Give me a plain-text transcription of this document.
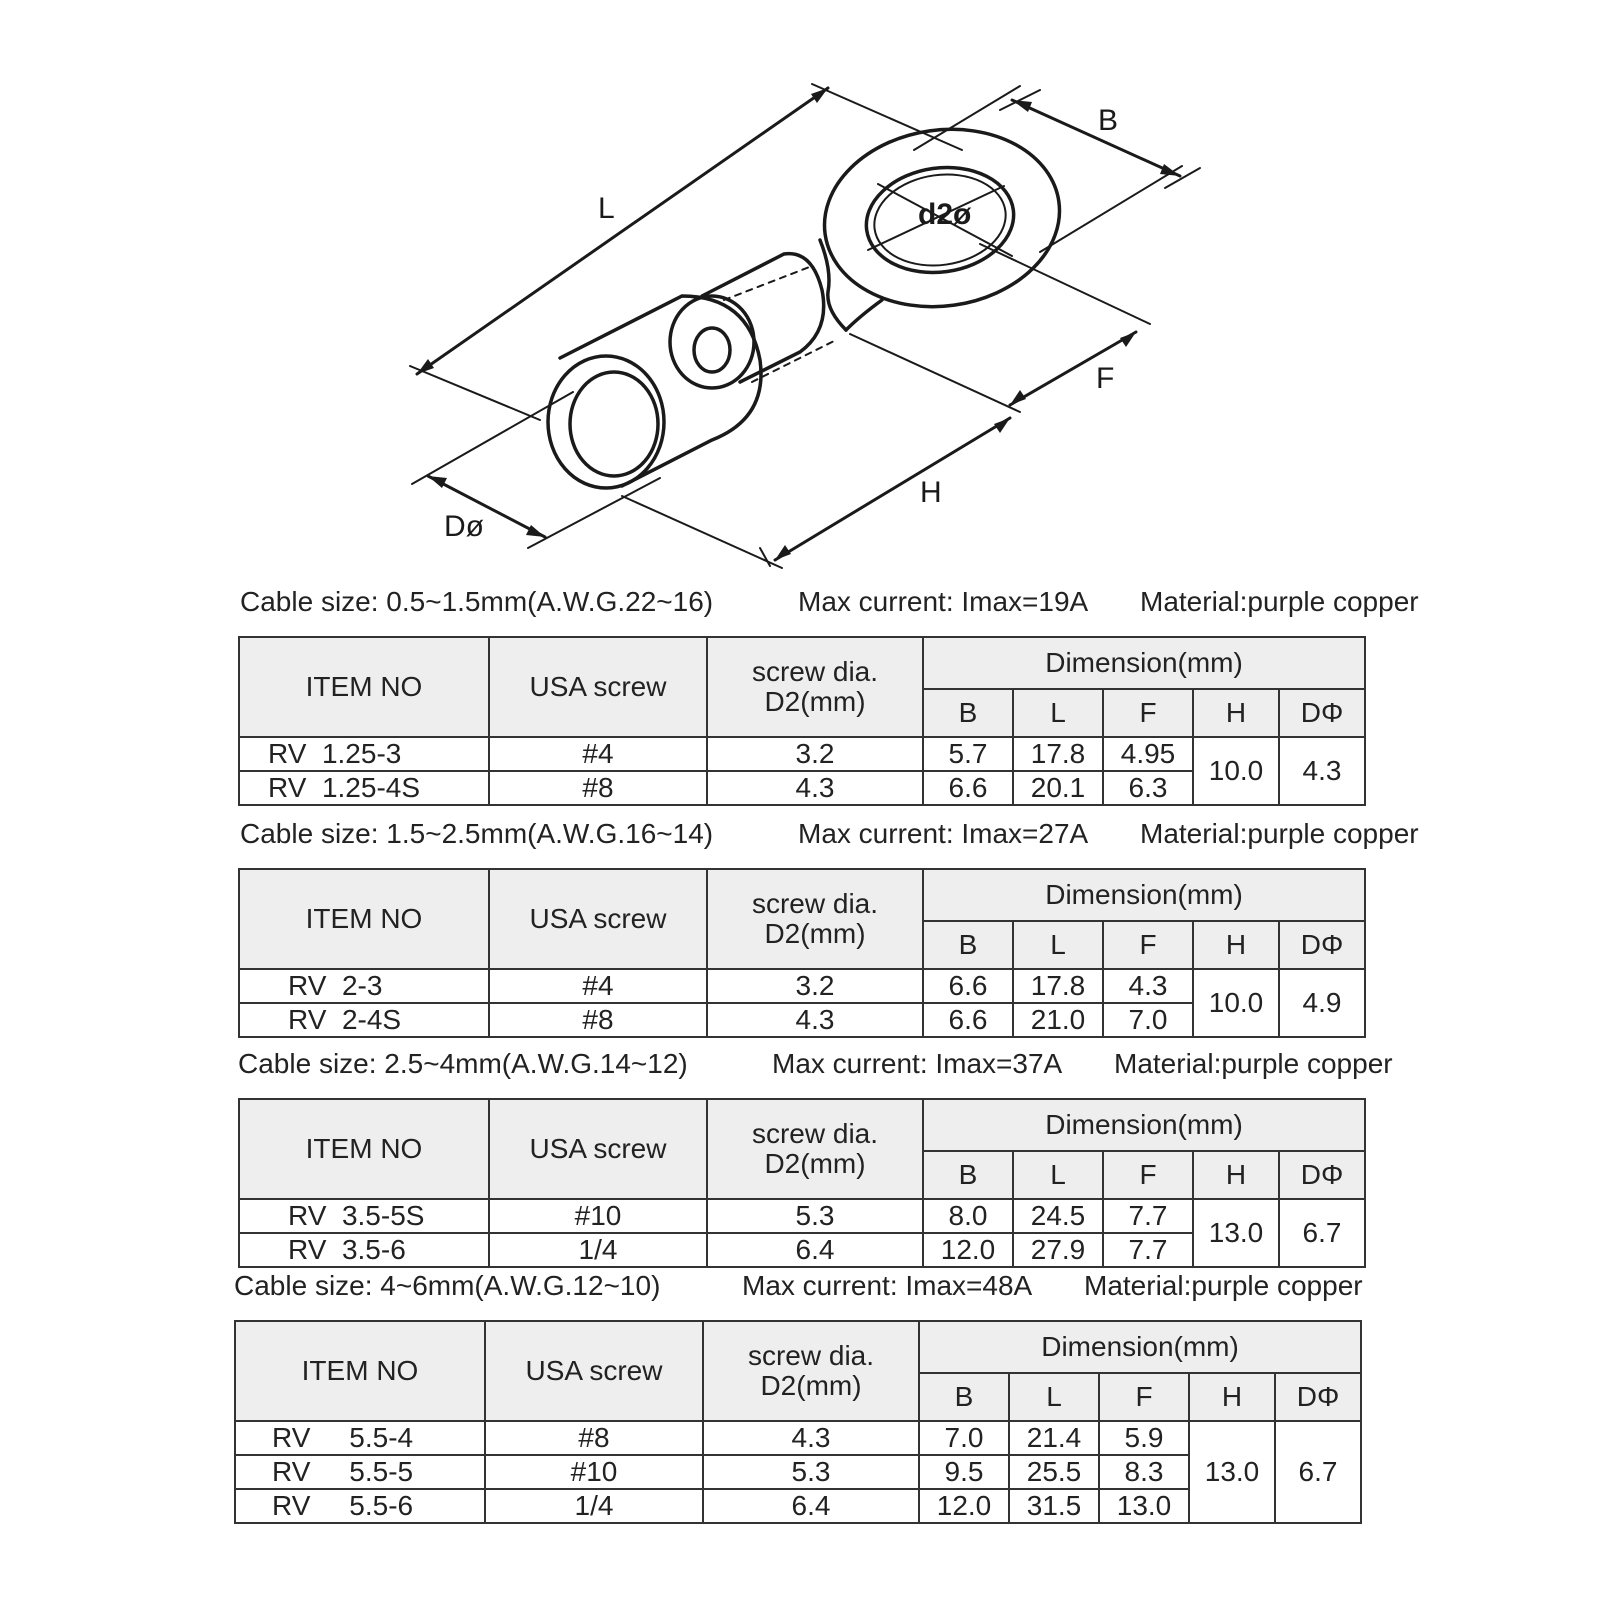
L
B
d2ø
F
H
Dø
Cable size: 0.5~1.5mm(A.W.G.22~16)	Max current: Imax=19A Material:purple copper
ITEM NO	USA screw	screw dia.
D2(mm)	Dimension(mm)				
			B	L	F	H	DΦ
RV  1.25-3	#4	3.2	5.7	17.8	4.95	10.0	4.3
RV  1.25-4S	#8	4.3	6.6	20.1	6.3		
Cable size: 1.5~2.5mm(A.W.G.16~14)	Max current: Imax=27A Material:purple copper
ITEM NO	USA screw	screw dia.
D2(mm)	Dimension(mm)				
			B	L	F	H	DΦ
RV  2-3	#4	3.2	6.6	17.8	4.3	10.0	4.9
RV  2-4S	#8	4.3	6.6	21.0	7.0		
Cable size: 2.5~4mm(A.W.G.14~12)	Max current: Imax=37A Material:purple copper
ITEM NO	USA screw	screw dia.
D2(mm)	Dimension(mm)				
			B	L	F	H	DΦ
RV  3.5-5S	#10	5.3	8.0	24.5	7.7	13.0	6.7
RV  3.5-6	1/4	6.4	12.0	27.9	7.7		
Cable size: 4~6mm(A.W.G.12~10)	Max current: Imax=48A Material:purple copper
ITEM NO	USA screw	screw dia.
D2(mm)	Dimension(mm)				
			B	L	F	H	DΦ
RV     5.5-4	#8	4.3	7.0	21.4	5.9	13.0	6.7
RV     5.5-5	#10	5.3	9.5	25.5	8.3		
RV     5.5-6	1/4	6.4	12.0	31.5	13.0		
